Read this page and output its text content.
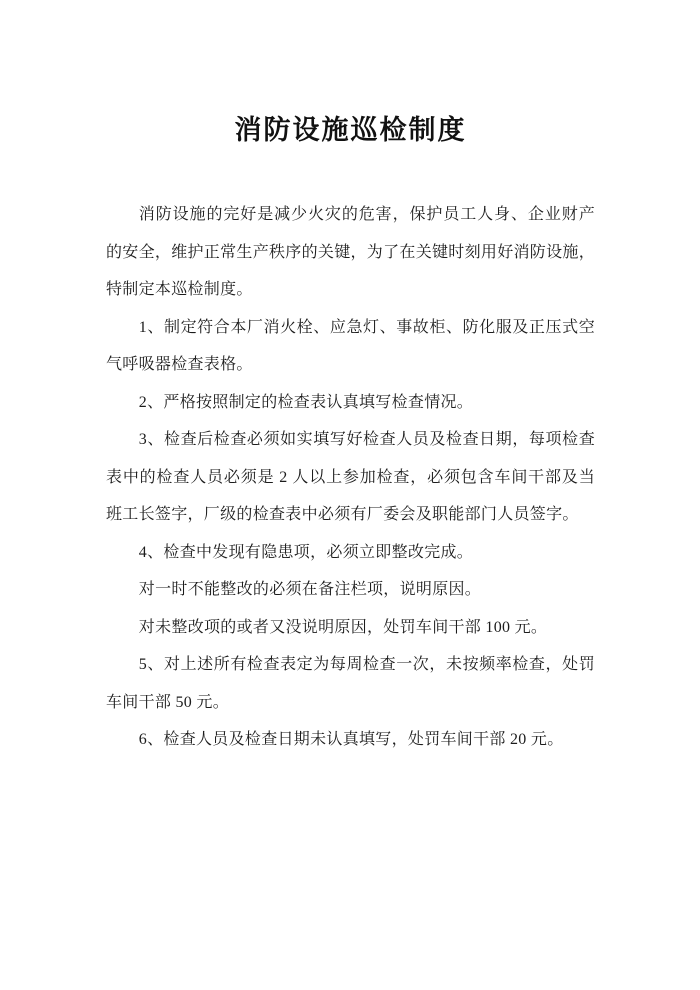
消防设施巡检制度

消防设施的完好是减少火灾的危害，保护员工人身、企业财产的安全，维护正常生产秩序的关键，为了在关键时刻用好消防设施，特制定本巡检制度。

1、制定符合本厂消火栓、应急灯、事故柜、防化服及正压式空气呼吸器检查表格。

2、严格按照制定的检查表认真填写检查情况。

3、检查后检查必须如实填写好检查人员及检查日期，每项检查表中的检查人员必须是 2 人以上参加检查，必须包含车间干部及当班工长签字，厂级的检查表中必须有厂委会及职能部门人员签字。

4、检查中发现有隐患项，必须立即整改完成。

对一时不能整改的必须在备注栏项，说明原因。

对未整改项的或者又没说明原因，处罚车间干部 100 元。

5、对上述所有检查表定为每周检查一次，未按频率检查，处罚车间干部 50 元。

6、检查人员及检查日期未认真填写，处罚车间干部 20 元。
